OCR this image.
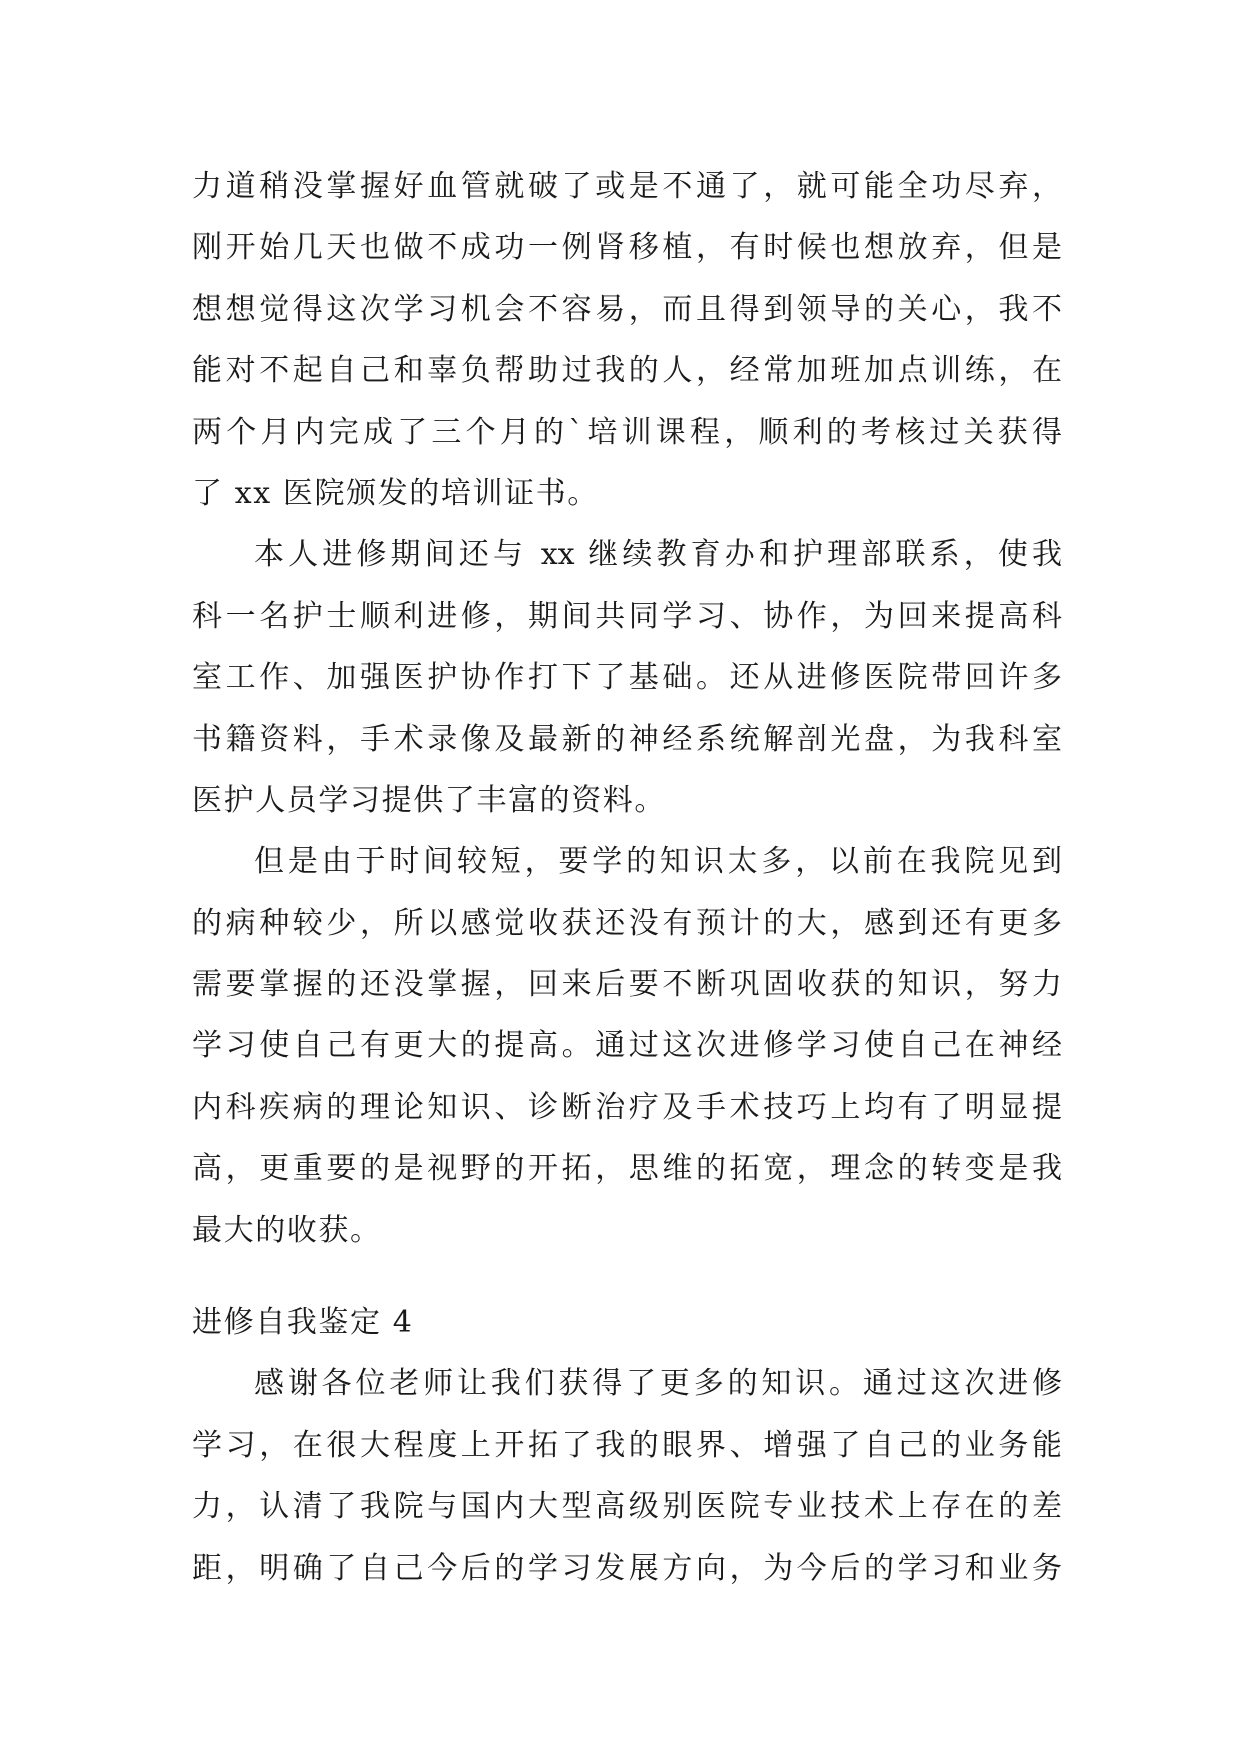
力道稍没掌握好血管就破了或是不通了，就可能全功尽弃，
刚开始几天也做不成功一例肾移植，有时候也想放弃，但是
想想觉得这次学习机会不容易，而且得到领导的关心，我不
能对不起自己和辜负帮助过我的人，经常加班加点训练，在
两个月内完成了三个月的`培训课程，顺利的考核过关获得
了 xx 医院颁发的培训证书。
本人进修期间还与 xx 继续教育办和护理部联系，使我
科一名护士顺利进修，期间共同学习、协作，为回来提高科
室工作、加强医护协作打下了基础。还从进修医院带回许多
书籍资料，手术录像及最新的神经系统解剖光盘，为我科室
医护人员学习提供了丰富的资料。
但是由于时间较短，要学的知识太多，以前在我院见到
的病种较少，所以感觉收获还没有预计的大，感到还有更多
需要掌握的还没掌握，回来后要不断巩固收获的知识，努力
学习使自己有更大的提高。通过这次进修学习使自己在神经
内科疾病的理论知识、诊断治疗及手术技巧上均有了明显提
高，更重要的是视野的开拓，思维的拓宽，理念的转变是我
最大的收获。
进修自我鉴定 4
感谢各位老师让我们获得了更多的知识。通过这次进修
学习，在很大程度上开拓了我的眼界、增强了自己的业务能
力，认清了我院与国内大型高级别医院专业技术上存在的差
距，明确了自己今后的学习发展方向，为今后的学习和业务
